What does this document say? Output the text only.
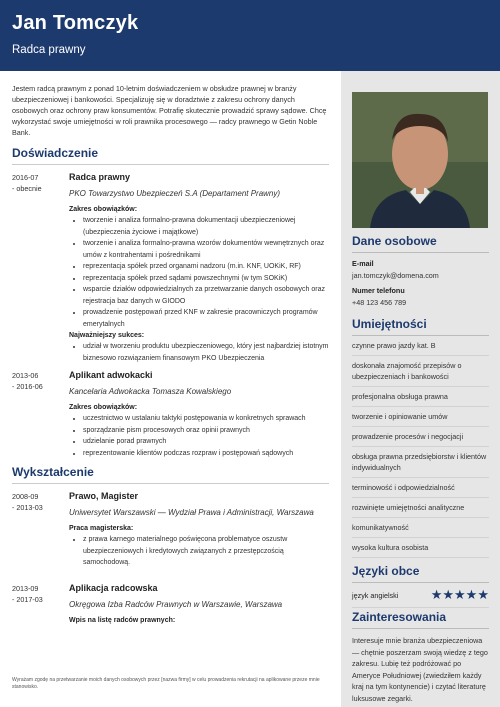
Jan Tomczyk
Radca prawny

Jestem radcą prawnym z ponad 10-letnim doświadczeniem w obsłudze prawnej w branży ubezpieczeniowej i bankowości. Specjalizuję się w doradztwie z zakresu ochrony danych osobowych oraz ochrony praw konsumentów. Potrafię skutecznie prowadzić sprawy sądowe. Chcę wykorzystać swoje umiejętności w roli prawnika procesowego — radcy prawnego w Getin Noble Bank.

Doświadczenie
2016-07
- obecnie
Radca prawny
PKO Towarzystwo Ubezpieczeń S.A (Departament Prawny)
Zakres obowiązków:
• tworzenie i analiza formalno-prawna dokumentacji ubezpieczeniowej (ubezpieczenia życiowe i majątkowe)
• tworzenie i analiza formalno-prawna wzorów dokumentów wewnętrznych oraz umów z kontrahentami i pośrednikami
• reprezentacja spółek przed organami nadzoru (m.in. KNF, UOKiK, RF)
• reprezentacja spółek przed sądami powszechnymi (w tym SOKiK)
• wsparcie działów odpowiedzialnych za przetwarzanie danych osobowych oraz rejestracja baz danych w GIODO
• prowadzenie postępowań przed KNF w zakresie pracowniczych programów emerytalnych
Najważniejszy sukces:
• udział w tworzeniu produktu ubezpieczeniowego, który jest najbardziej istotnym biznesowo rozwiązaniem finansowym PKO Ubezpieczenia
2013-06
- 2016-06
Aplikant adwokacki
Kancelaria Adwokacka Tomasza Kowalskiego
Zakres obowiązków:
• uczestnictwo w ustalaniu taktyki postępowania w konkretnych sprawach
• sporządzanie pism procesowych oraz opinii prawnych
• udzielanie porad prawnych
• reprezentowanie klientów podczas rozpraw i postępowań sądowych
Wykształcenie
2008-09
- 2013-03
Prawo, Magister
Uniwersytet Warszawski — Wydział Prawa i Administracji, Warszawa
Praca magisterska:
• z prawa karnego materialnego poświęcona problematyce oszustw ubezpieczeniowych i kredytowych związanych z przestępczością samochodową.
2013-09
- 2017-03
Aplikacja radcowska
Okręgowa Izba Radców Prawnych w Warszawie, Warszawa
Wpis na listę radców prawnych:
Wyrażam zgodę na przetwarzanie moich danych osobowych przez [nazwa firmy] w celu prowadzenia rekrutacji na aplikowane przeze mnie stanowisko.
Dane osobowe
E-mail
jan.tomczyk@domena.com
Numer telefonu
+48 123 456 789
Umiejętności
czynne prawo jazdy kat. B
doskonała znajomość przepisów o ubezpieczeniach i bankowości
profesjonalna obsługa prawna
tworzenie i opiniowanie umów
prowadzenie procesów i negocjacji
obsługa prawna przedsiębiorstw i klientów indywidualnych
terminowość i odpowiedzialność
rozwinięte umiejętności analityczne
komunikatywność
wysoka kultura osobista
Języki obce
język angielski ★★★★★
Zainteresowania

Interesuje mnie branża ubezpieczeniowa — chętnie poszerzam swoją wiedzę z tego zakresu. Lubię też podróżować po Ameryce Południowej (zwiedziłem każdy kraj na tym kontynencie) i czytać literaturę luksusowe zegarki.
